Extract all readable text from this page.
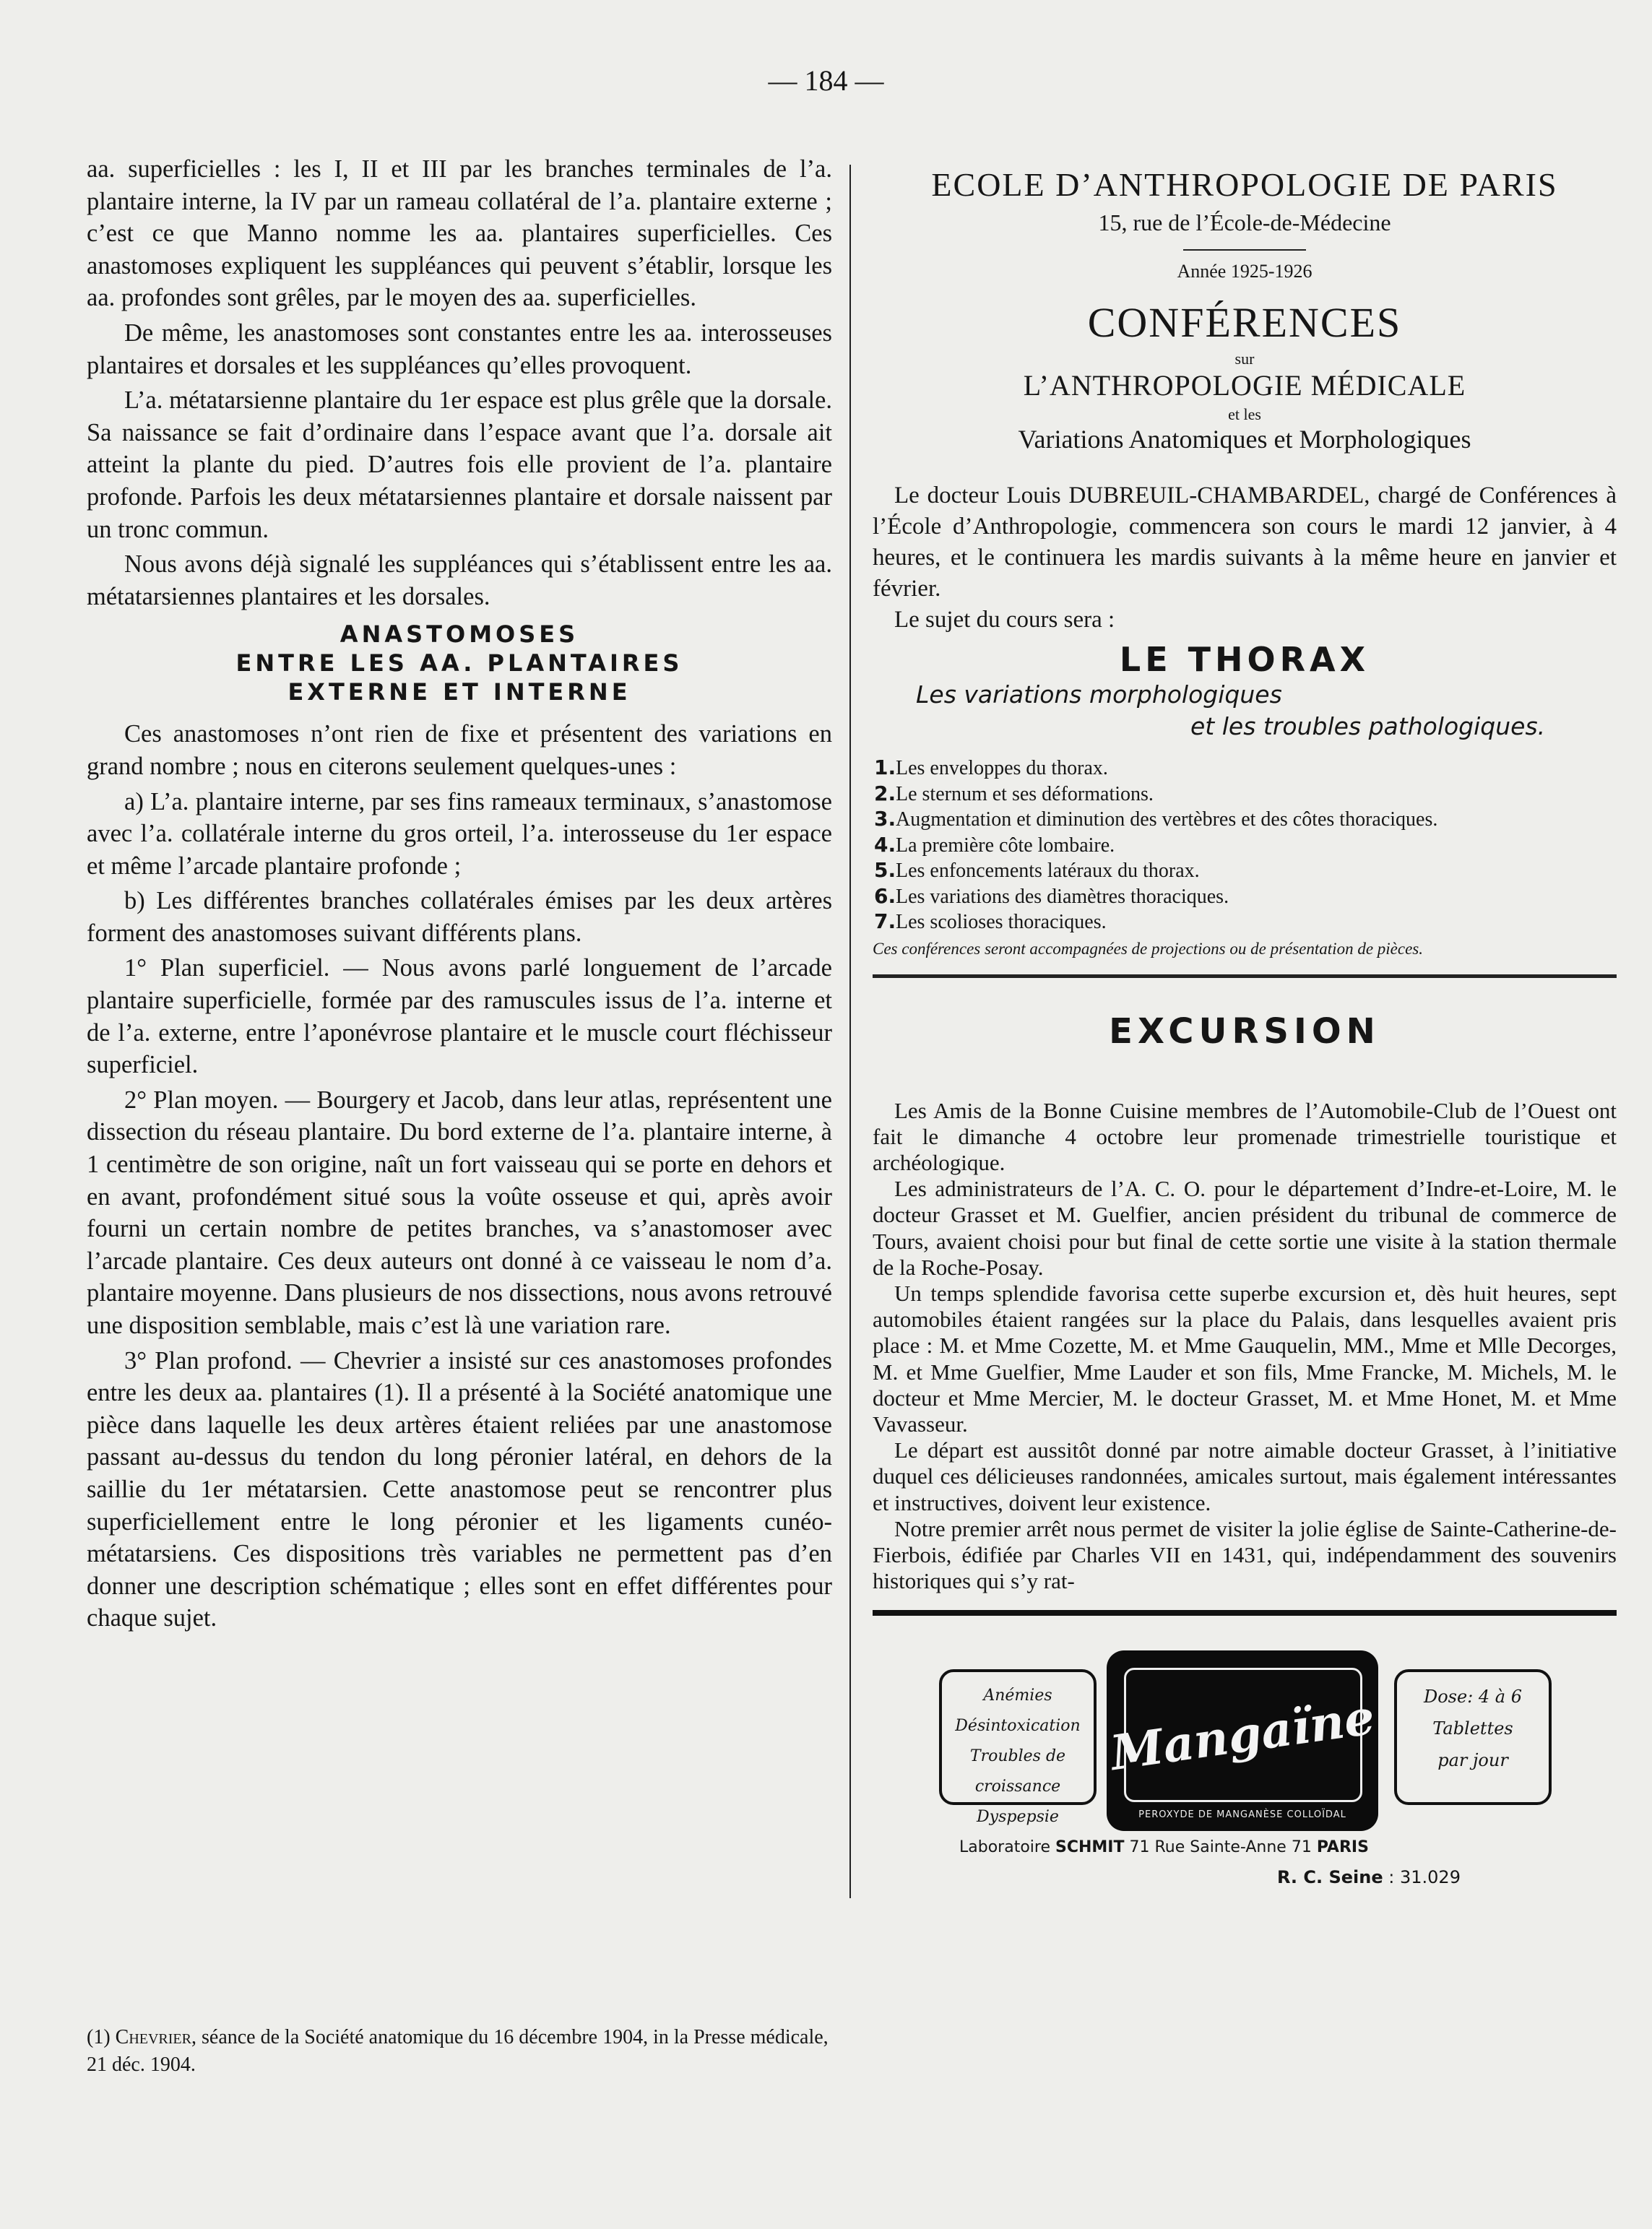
— 184 —

aa. superficielles : les I, II et III par les branches terminales de l’a. plantaire interne, la IV par un rameau collatéral de l’a. plantaire externe ; c’est ce que Manno nomme les aa. plantaires superficielles. Ces anastomoses expliquent les suppléances qui peuvent s’établir, lorsque les aa. profondes sont grêles, par le moyen des aa. superficielles.

De même, les anastomoses sont constantes entre les aa. interosseuses plantaires et dorsales et les suppléances qu’elles provoquent.

L’a. métatarsienne plantaire du 1er espace est plus grêle que la dorsale. Sa naissance se fait d’ordinaire dans l’espace avant que l’a. dorsale ait atteint la plante du pied. D’autres fois elle provient de l’a. plantaire profonde. Parfois les deux métatarsiennes plantaire et dorsale naissent par un tronc commun.

Nous avons déjà signalé les suppléances qui s’établissent entre les aa. métatarsiennes plantaires et les dorsales.

ANASTOMOSES
ENTRE LES AA. PLANTAIRES
EXTERNE ET INTERNE

Ces anastomoses n’ont rien de fixe et présentent des variations en grand nombre ; nous en citerons seulement quelques-unes :

a) L’a. plantaire interne, par ses fins rameaux terminaux, s’anastomose avec l’a. collatérale interne du gros orteil, l’a. interosseuse du 1er espace et même l’arcade plantaire profonde ;

b) Les différentes branches collatérales émises par les deux artères forment des anastomoses suivant différents plans.

1° Plan superficiel. — Nous avons parlé longuement de l’arcade plantaire superficielle, formée par des ramuscules issus de l’a. interne et de l’a. externe, entre l’aponévrose plantaire et le muscle court fléchisseur superficiel.

2° Plan moyen. — Bourgery et Jacob, dans leur atlas, représentent une dissection du réseau plantaire. Du bord externe de l’a. plantaire interne, à 1 centimètre de son origine, naît un fort vaisseau qui se porte en dehors et en avant, profondément situé sous la voûte osseuse et qui, après avoir fourni un certain nombre de petites branches, va s’anastomoser avec l’arcade plantaire. Ces deux auteurs ont donné à ce vaisseau le nom d’a. plantaire moyenne. Dans plusieurs de nos dissections, nous avons retrouvé une disposition semblable, mais c’est là une variation rare.

3° Plan profond. — Chevrier a insisté sur ces anastomoses profondes entre les deux aa. plantaires (1). Il a présenté à la Société anatomique une pièce dans laquelle les deux artères étaient reliées par une anastomose passant au-dessus du tendon du long péronier latéral, en dehors de la saillie du 1er métatarsien. Cette anastomose peut se rencontrer plus superficiellement entre le long péronier et les ligaments cunéo-métatarsiens. Ces dispositions très variables ne permettent pas d’en donner une description schématique ; elles sont en effet différentes pour chaque sujet.

(1) Chevrier, séance de la Société anatomique du 16 décembre 1904, in la Presse médicale, 21 déc. 1904.
ECOLE D’ANTHROPOLOGIE DE PARIS
15, rue de l’École-de-Médecine
Année 1925-1926
CONFÉRENCES
sur
L’ANTHROPOLOGIE MÉDICALE
et les
Variations Anatomiques et Morphologiques

Le docteur Louis DUBREUIL-CHAMBARDEL, chargé de Conférences à l’École d’Anthropologie, commencera son cours le mardi 12 janvier, à 4 heures, et le continuera les mardis suivants à la même heure en janvier et février.

Le sujet du cours sera :

LE THORAX
Les variations morphologiques
et les troubles pathologiques.
1.Les enveloppes du thorax.
2.Le sternum et ses déformations.
3.Augmentation et diminution des vertèbres et des côtes thoraciques.
4.La première côte lombaire.
5.Les enfoncements latéraux du thorax.
6.Les variations des diamètres thoraciques.
7.Les scolioses thoraciques.
Ces conférences seront accompagnées de projections ou de présentation de pièces.
EXCURSION

Les Amis de la Bonne Cuisine membres de l’Automobile-Club de l’Ouest ont fait le dimanche 4 octobre leur promenade trimestrielle touristique et archéologique.

Les administrateurs de l’A. C. O. pour le département d’Indre-et-Loire, M. le docteur Grasset et M. Guelfier, ancien président du tribunal de commerce de Tours, avaient choisi pour but final de cette sortie une visite à la station thermale de la Roche-Posay.

Un temps splendide favorisa cette superbe excursion et, dès huit heures, sept automobiles étaient rangées sur la place du Palais, dans lesquelles avaient pris place : M. et Mme Cozette, M. et Mme Gauquelin, MM., Mme et Mlle Decorges, M. et Mme Guelfier, Mme Lauder et son fils, Mme Francke, M. Michels, M. le docteur et Mme Mercier, M. le docteur Grasset, M. et Mme Honet, M. et Mme Vavasseur.

Le départ est aussitôt donné par notre aimable docteur Grasset, à l’initiative duquel ces délicieuses randonnées, amicales surtout, mais également intéressantes et instructives, doivent leur existence.

Notre premier arrêt nous permet de visiter la jolie église de Sainte-Catherine-de-Fierbois, édifiée par Charles VII en 1431, qui, indépendamment des souvenirs historiques qui s’y rat-

Anémies
Désintoxication
Troubles de croissance
Dyspepsie
Mangaïne
PEROXYDE DE MANGANÈSE COLLOÏDAL
Dose: 4 à 6
Tablettes
par jour
Laboratoire SCHMIT 71 Rue Sainte-Anne 71 PARIS
R. C. Seine : 31.029
